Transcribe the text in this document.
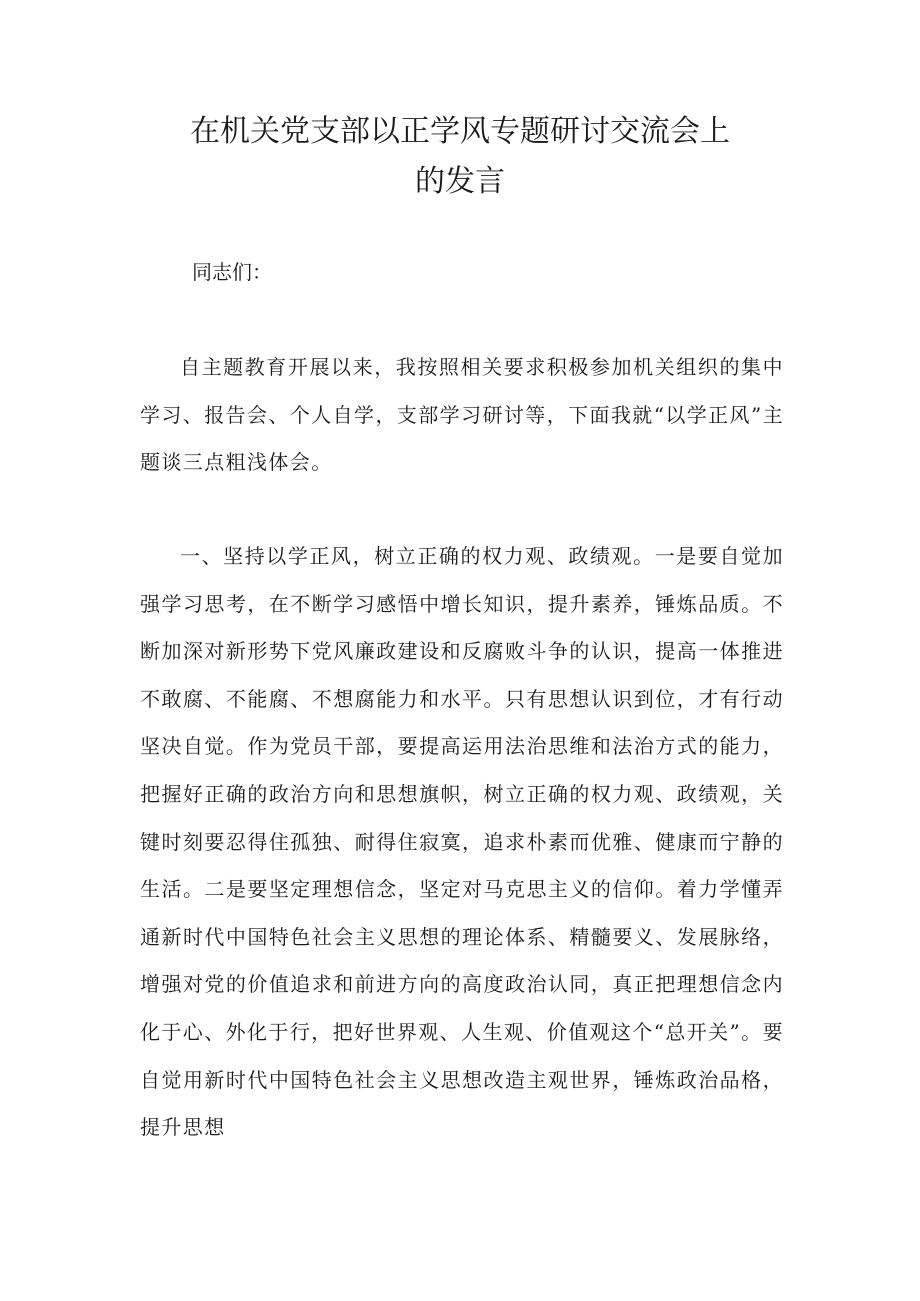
在机关党支部以正学风专题研讨交流会上
的发言

同志们：

自主题教育开展以来，我按照相关要求积极参加机关组织的集中学习、报告会、个人自学，支部学习研讨等，下面我就“以学正风”主题谈三点粗浅体会。

一、坚持以学正风，树立正确的权力观、政绩观。一是要自觉加强学习思考，在不断学习感悟中增长知识，提升素养，锤炼品质。不断加深对新形势下党风廉政建设和反腐败斗争的认识，提高一体推进不敢腐、不能腐、不想腐能力和水平。只有思想认识到位，才有行动坚决自觉。作为党员干部，要提高运用法治思维和法治方式的能力，把握好正确的政治方向和思想旗帜，树立正确的权力观、政绩观，关键时刻要忍得住孤独、耐得住寂寞，追求朴素而优雅、健康而宁静的生活。二是要坚定理想信念，坚定对马克思主义的信仰。着力学懂弄通新时代中国特色社会主义思想的理论体系、精髓要义、发展脉络，增强对党的价值追求和前进方向的高度政治认同，真正把理想信念内化于心、外化于行，把好世界观、人生观、价值观这个“总开关”。要自觉用新时代中国特色社会主义思想改造主观世界，锤炼政治品格，提升思想
